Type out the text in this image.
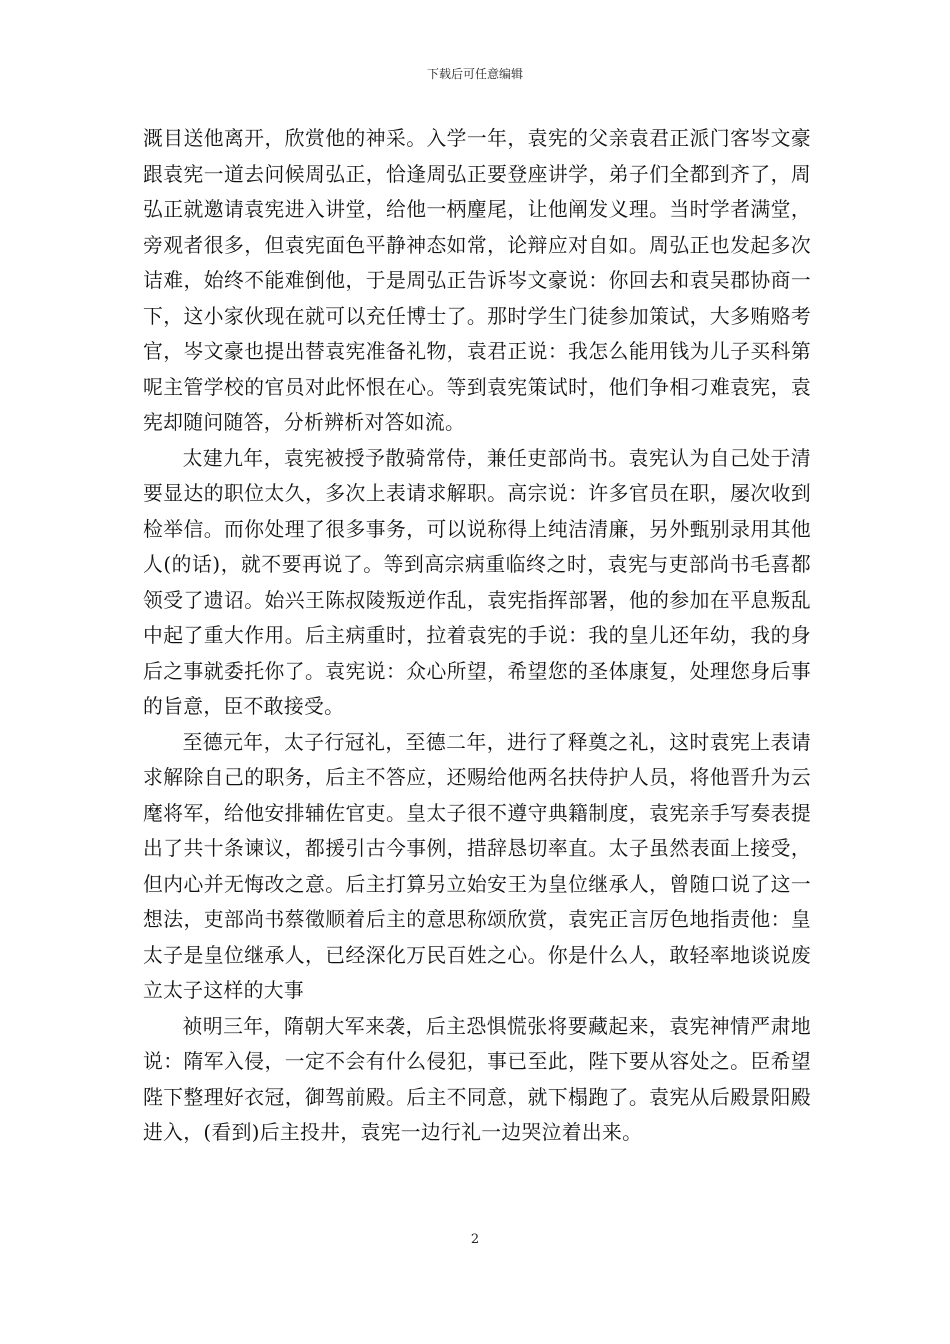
下载后可任意编辑

溉目送他离开，欣赏他的神采。入学一年，袁宪的父亲袁君正派门客岑文豪跟袁宪一道去问候周弘正，恰逢周弘正要登座讲学，弟子们全都到齐了，周弘正就邀请袁宪进入讲堂，给他一柄麈尾，让他阐发义理。当时学者满堂，旁观者很多，但袁宪面色平静神态如常，论辩应对自如。周弘正也发起多次诘难，始终不能难倒他，于是周弘正告诉岑文豪说：你回去和袁吴郡协商一下，这小家伙现在就可以充任博士了。那时学生门徒参加策试，大多贿赂考官，岑文豪也提出替袁宪准备礼物，袁君正说：我怎么能用钱为儿子买科第呢主管学校的官员对此怀恨在心。等到袁宪策试时，他们争相刁难袁宪，袁宪却随问随答，分析辨析对答如流。

太建九年，袁宪被授予散骑常侍，兼任吏部尚书。袁宪认为自己处于清要显达的职位太久，多次上表请求解职。高宗说：许多官员在职，屡次收到检举信。而你处理了很多事务，可以说称得上纯洁清廉，另外甄别录用其他人(的话)，就不要再说了。等到高宗病重临终之时，袁宪与吏部尚书毛喜都领受了遗诏。始兴王陈叔陵叛逆作乱，袁宪指挥部署，他的参加在平息叛乱中起了重大作用。后主病重时，拉着袁宪的手说：我的皇儿还年幼，我的身后之事就委托你了。袁宪说：众心所望，希望您的圣体康复，处理您身后事的旨意，臣不敢接受。

至德元年，太子行冠礼，至德二年，进行了释奠之礼，这时袁宪上表请求解除自己的职务，后主不答应，还赐给他两名扶侍护人员，将他晋升为云麾将军，给他安排辅佐官吏。皇太子很不遵守典籍制度，袁宪亲手写奏表提出了共十条谏议，都援引古今事例，措辞恳切率直。太子虽然表面上接受，但内心并无悔改之意。后主打算另立始安王为皇位继承人，曾随口说了这一想法，吏部尚书蔡徵顺着后主的意思称颂欣赏，袁宪正言厉色地指责他：皇太子是皇位继承人，已经深化万民百姓之心。你是什么人，敢轻率地谈说废立太子这样的大事

祯明三年，隋朝大军来袭，后主恐惧慌张将要藏起来，袁宪神情严肃地说：隋军入侵，一定不会有什么侵犯，事已至此，陛下要从容处之。臣希望陛下整理好衣冠，御驾前殿。后主不同意，就下榻跑了。袁宪从后殿景阳殿进入，(看到)后主投井，袁宪一边行礼一边哭泣着出来。

2
